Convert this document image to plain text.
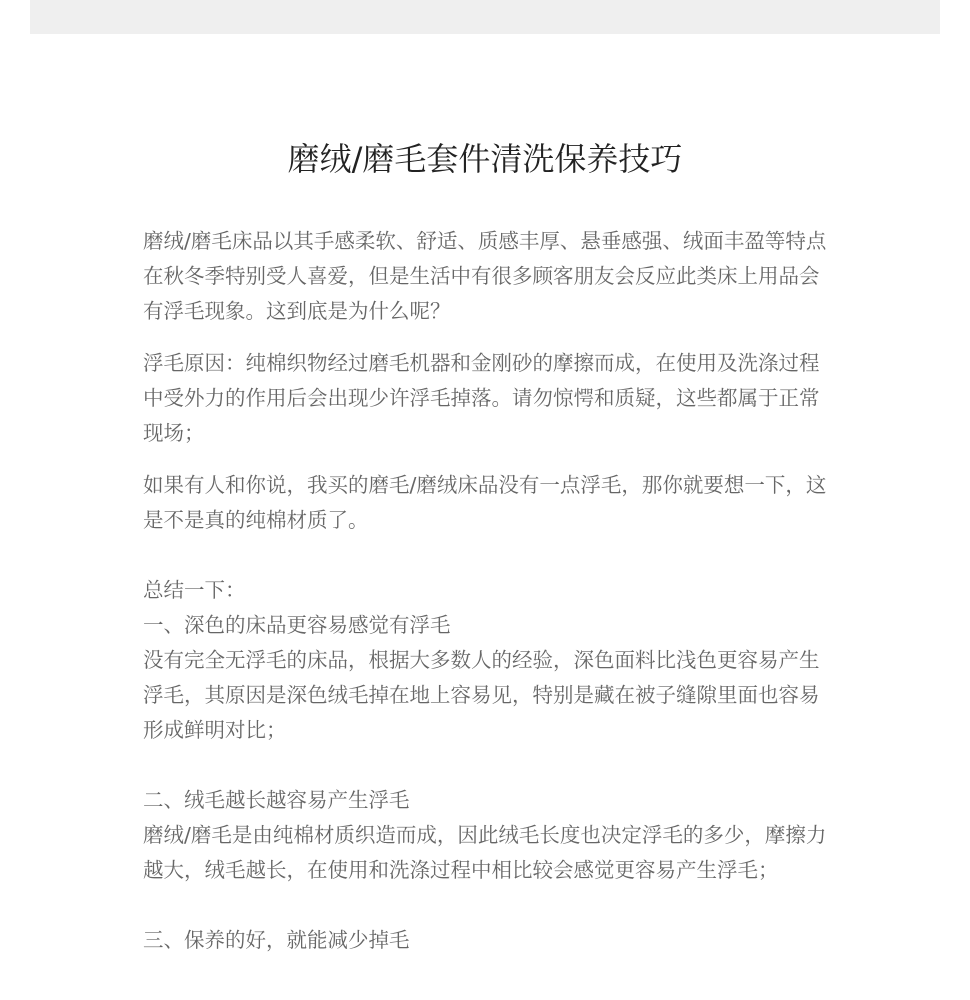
磨绒/磨毛套件清洗保养技巧

磨绒/磨毛床品以其手感柔软、舒适、质感丰厚、悬垂感强、绒面丰盈等特点在秋冬季特别受人喜爱，但是生活中有很多顾客朋友会反应此类床上用品会有浮毛现象。这到底是为什么呢？

浮毛原因：纯棉织物经过磨毛机器和金刚砂的摩擦而成，在使用及洗涤过程中受外力的作用后会出现少许浮毛掉落。请勿惊愕和质疑，这些都属于正常现场；

如果有人和你说，我买的磨毛/磨绒床品没有一点浮毛，那你就要想一下，这是不是真的纯棉材质了。

总结一下：

一、深色的床品更容易感觉有浮毛

没有完全无浮毛的床品，根据大多数人的经验，深色面料比浅色更容易产生浮毛，其原因是深色绒毛掉在地上容易见，特别是藏在被子缝隙里面也容易形成鲜明对比；

二、绒毛越长越容易产生浮毛

磨绒/磨毛是由纯棉材质织造而成，因此绒毛长度也决定浮毛的多少，摩擦力越大，绒毛越长，在使用和洗涤过程中相比较会感觉更容易产生浮毛；

三、保养的好，就能减少掉毛
